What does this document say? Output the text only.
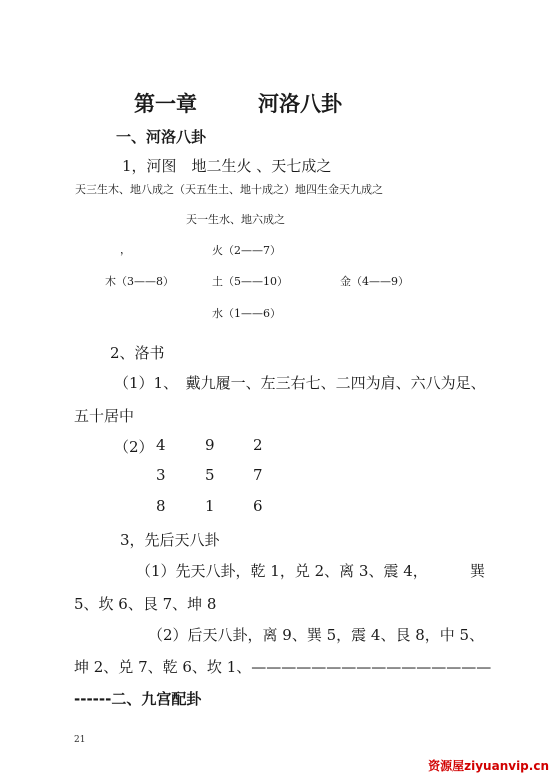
第一章	河洛八卦
一、河洛八卦
1，河图　地二生火 、天七成之
天三生木、地八成之（天五生土、地十成之）地四生金天九成之
天一生水、地六成之
，	火（2——7）
木（3——8）	土（5——10）	金（4——9）
水（1——6）
2、洛书
（1）1、　戴九履一、左三右七、二四为肩、六八为足、
五十居中
（2） 4	9	2
3	5	7
8	1	6
3，先后天八卦
（1）先天八卦，乾 1，兑 2、离 3、震 4，	巽
5、坎 6、艮 7、坤 8
（2）后天八卦，离 9、巽 5，震 4、艮 8，中 5、
坤 2、兑 7、乾 6、坎 1、————————————————
------二、九宫配卦
21
资源屋ziyuanvip.cn
